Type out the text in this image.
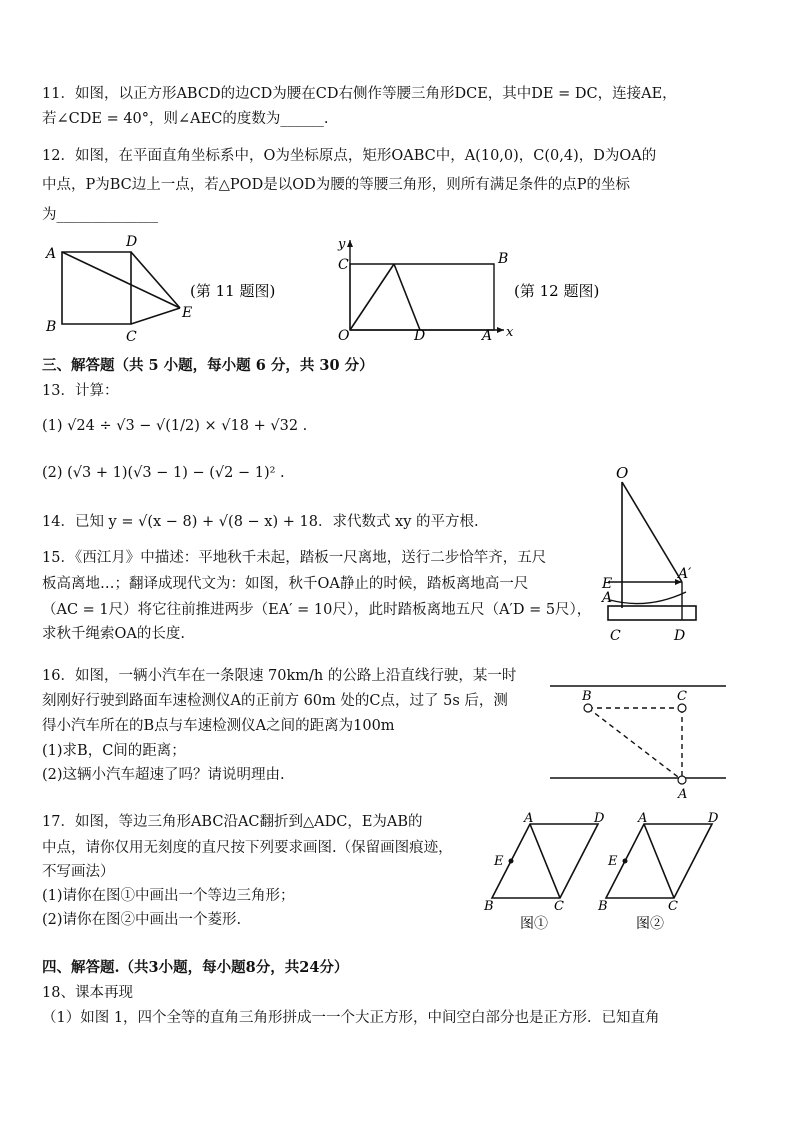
11．如图，以正方形ABCD的边CD为腰在CD右侧作等腰三角形DCE，其中DE = DC，连接AE，
若∠CDE = 40°，则∠AEC的度数为______.
12．如图，在平面直角坐标系中，O为坐标原点，矩形OABC中，A(10,0)，C(0,4)，D为OA的
中点，P为BC边上一点，若△POD是以OD为腰的等腰三角形，则所有满足条件的点P的坐标
为______________
A
B
C
D
E
(第 11 题图)
y
x
C	B
O	D	A
(第 12 题图)
三、解答题（共 5 小题，每小题 6 分，共 30 分）
13．计算：
(1) √24 ÷ √3 − √(1/2) × √18 + √32 .
(2) (√3 + 1)(√3 − 1) − (√2 − 1)² .
14．已知 y = √(x − 8) + √(8 − x) + 18．求代数式 xy 的平方根.
15．《西江月》中描述：平地秋千未起，踏板一尺离地，送行二步恰竿齐，五尺
板高离地…；翻译成现代文为：如图，秋千OA静止的时候，踏板离地高一尺
（AC = 1尺）将它往前推进两步（EA′ = 10尺），此时踏板离地五尺（A′D = 5尺），
求秋千绳索OA的长度.
O
E
A′
A
C	D
16．如图，一辆小汽车在一条限速 70km/h 的公路上沿直线行驶，某一时
刻刚好行驶到路面车速检测仪A的正前方 60m 处的C点，过了 5s 后，测
得小汽车所在的B点与车速检测仪A之间的距离为100m
(1)求B，C间的距离；
(2)这辆小汽车超速了吗？请说明理由.
B	C
A
17．如图，等边三角形ABC沿AC翻折到△ADC，E为AB的
中点，请你仅用无刻度的直尺按下列要求画图.（保留画图痕迹，
不写画法）
(1)请你在图①中画出一个等边三角形；
(2)请你在图②中画出一个菱形.
A	D
E
B	C
图①
A	D
E
B	C
图②
四、解答题.（共3小题，每小题8分，共24分）
18、课本再现
（1）如图 1，四个全等的直角三角形拼成一一个大正方形，中间空白部分也是正方形．已知直角
